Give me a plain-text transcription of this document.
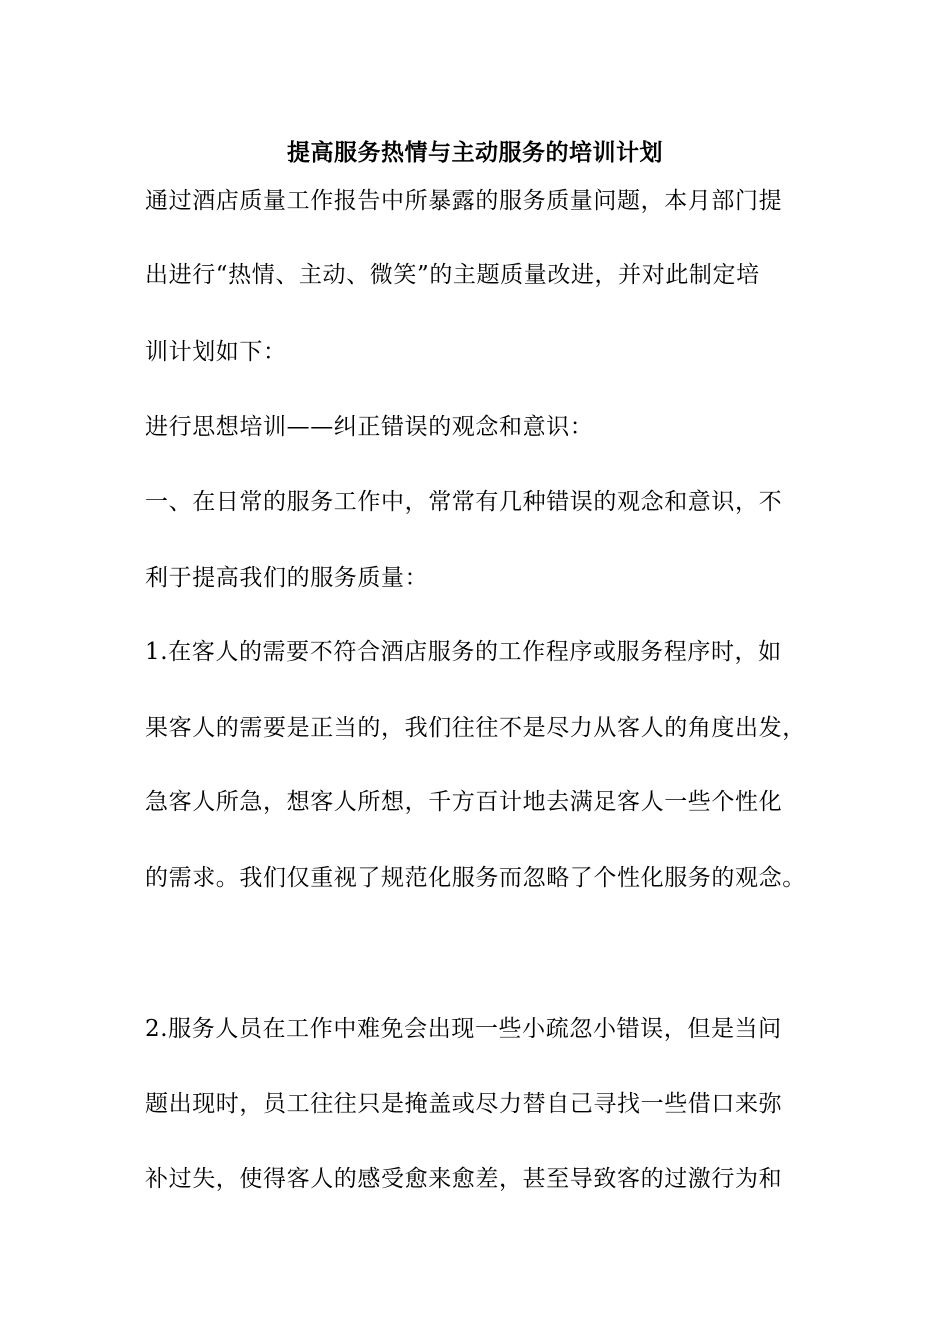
提高服务热情与主动服务的培训计划
通过酒店质量工作报告中所暴露的服务质量问题，本月部门提
出进行“热情、主动、微笑”的主题质量改进，并对此制定培
训计划如下：
进行思想培训——纠正错误的观念和意识：
一、在日常的服务工作中，常常有几种错误的观念和意识，不
利于提高我们的服务质量：
1.在客人的需要不符合酒店服务的工作程序或服务程序时，如
果客人的需要是正当的，我们往往不是尽力从客人的角度出发，
急客人所急，想客人所想，千方百计地去满足客人一些个性化
的需求。我们仅重视了规范化服务而忽略了个性化服务的观念。
2.服务人员在工作中难免会出现一些小疏忽小错误，但是当问
题出现时，员工往往只是掩盖或尽力替自己寻找一些借口来弥
补过失，使得客人的感受愈来愈差，甚至导致客的过激行为和
